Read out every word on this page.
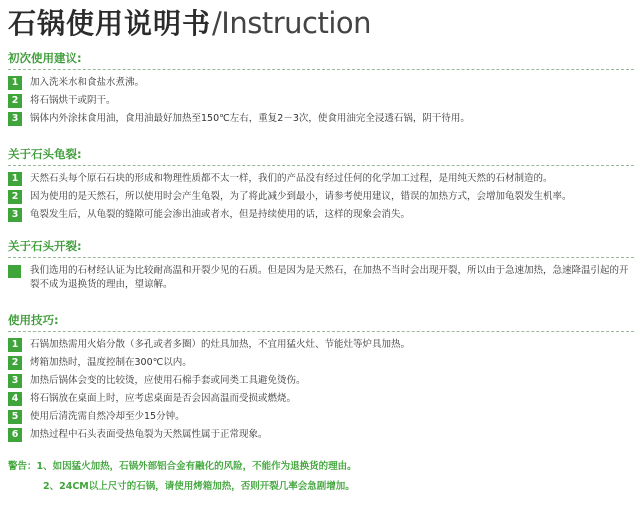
石锅使用说明书 /Instruction
初次使用建议:
1	加入洗米水和食盐水煮沸。
2	将石锅烘干或阴干。
3	锅体内外涂抹食用油，食用油最好加热至150℃左右，重复2－3次，使食用油完全浸透石锅，阴干待用。
关于石头龟裂:
1	天然石头每个原石石块的形成和物理性质都不太一样，我们的产品没有经过任何的化学加工过程，是用纯天然的石材制造的。
2	因为使用的是天然石，所以使用时会产生龟裂，为了将此减少到最小，请参考使用建议，错误的加热方式，会增加龟裂发生机率。
3	龟裂发生后，从龟裂的缝隙可能会渗出油或者水，但是持续使用的话，这样的现象会消失。
关于石头开裂:
我们选用的石材经认证为比较耐高温和开裂少见的石质。但是因为是天然石，在加热不当时会出现开裂，所以由于急速加热，急速降温引起的开裂不成为退换货的理由，望谅解。
使用技巧:
1	石锅加热需用火焰分散（多孔或者多圈）的灶具加热，不宜用猛火灶、节能灶等炉具加热。
2	烤箱加热时，温度控制在300℃以内。
3	加热后锅体会变的比较烫，应使用石棉手套或同类工具避免烫伤。
4	将石锅放在桌面上时，应考虑桌面是否会因高温而受损或燃烧。
5	使用后清洗需自然冷却至少15分钟。
6	加热过程中石头表面受热龟裂为天然属性属于正常现象。
警告：1、如因猛火加热，石锅外部铝合金有融化的风险，不能作为退换货的理由。
2、24CM以上尺寸的石锅，请使用烤箱加热，否则开裂几率会急剧增加。
